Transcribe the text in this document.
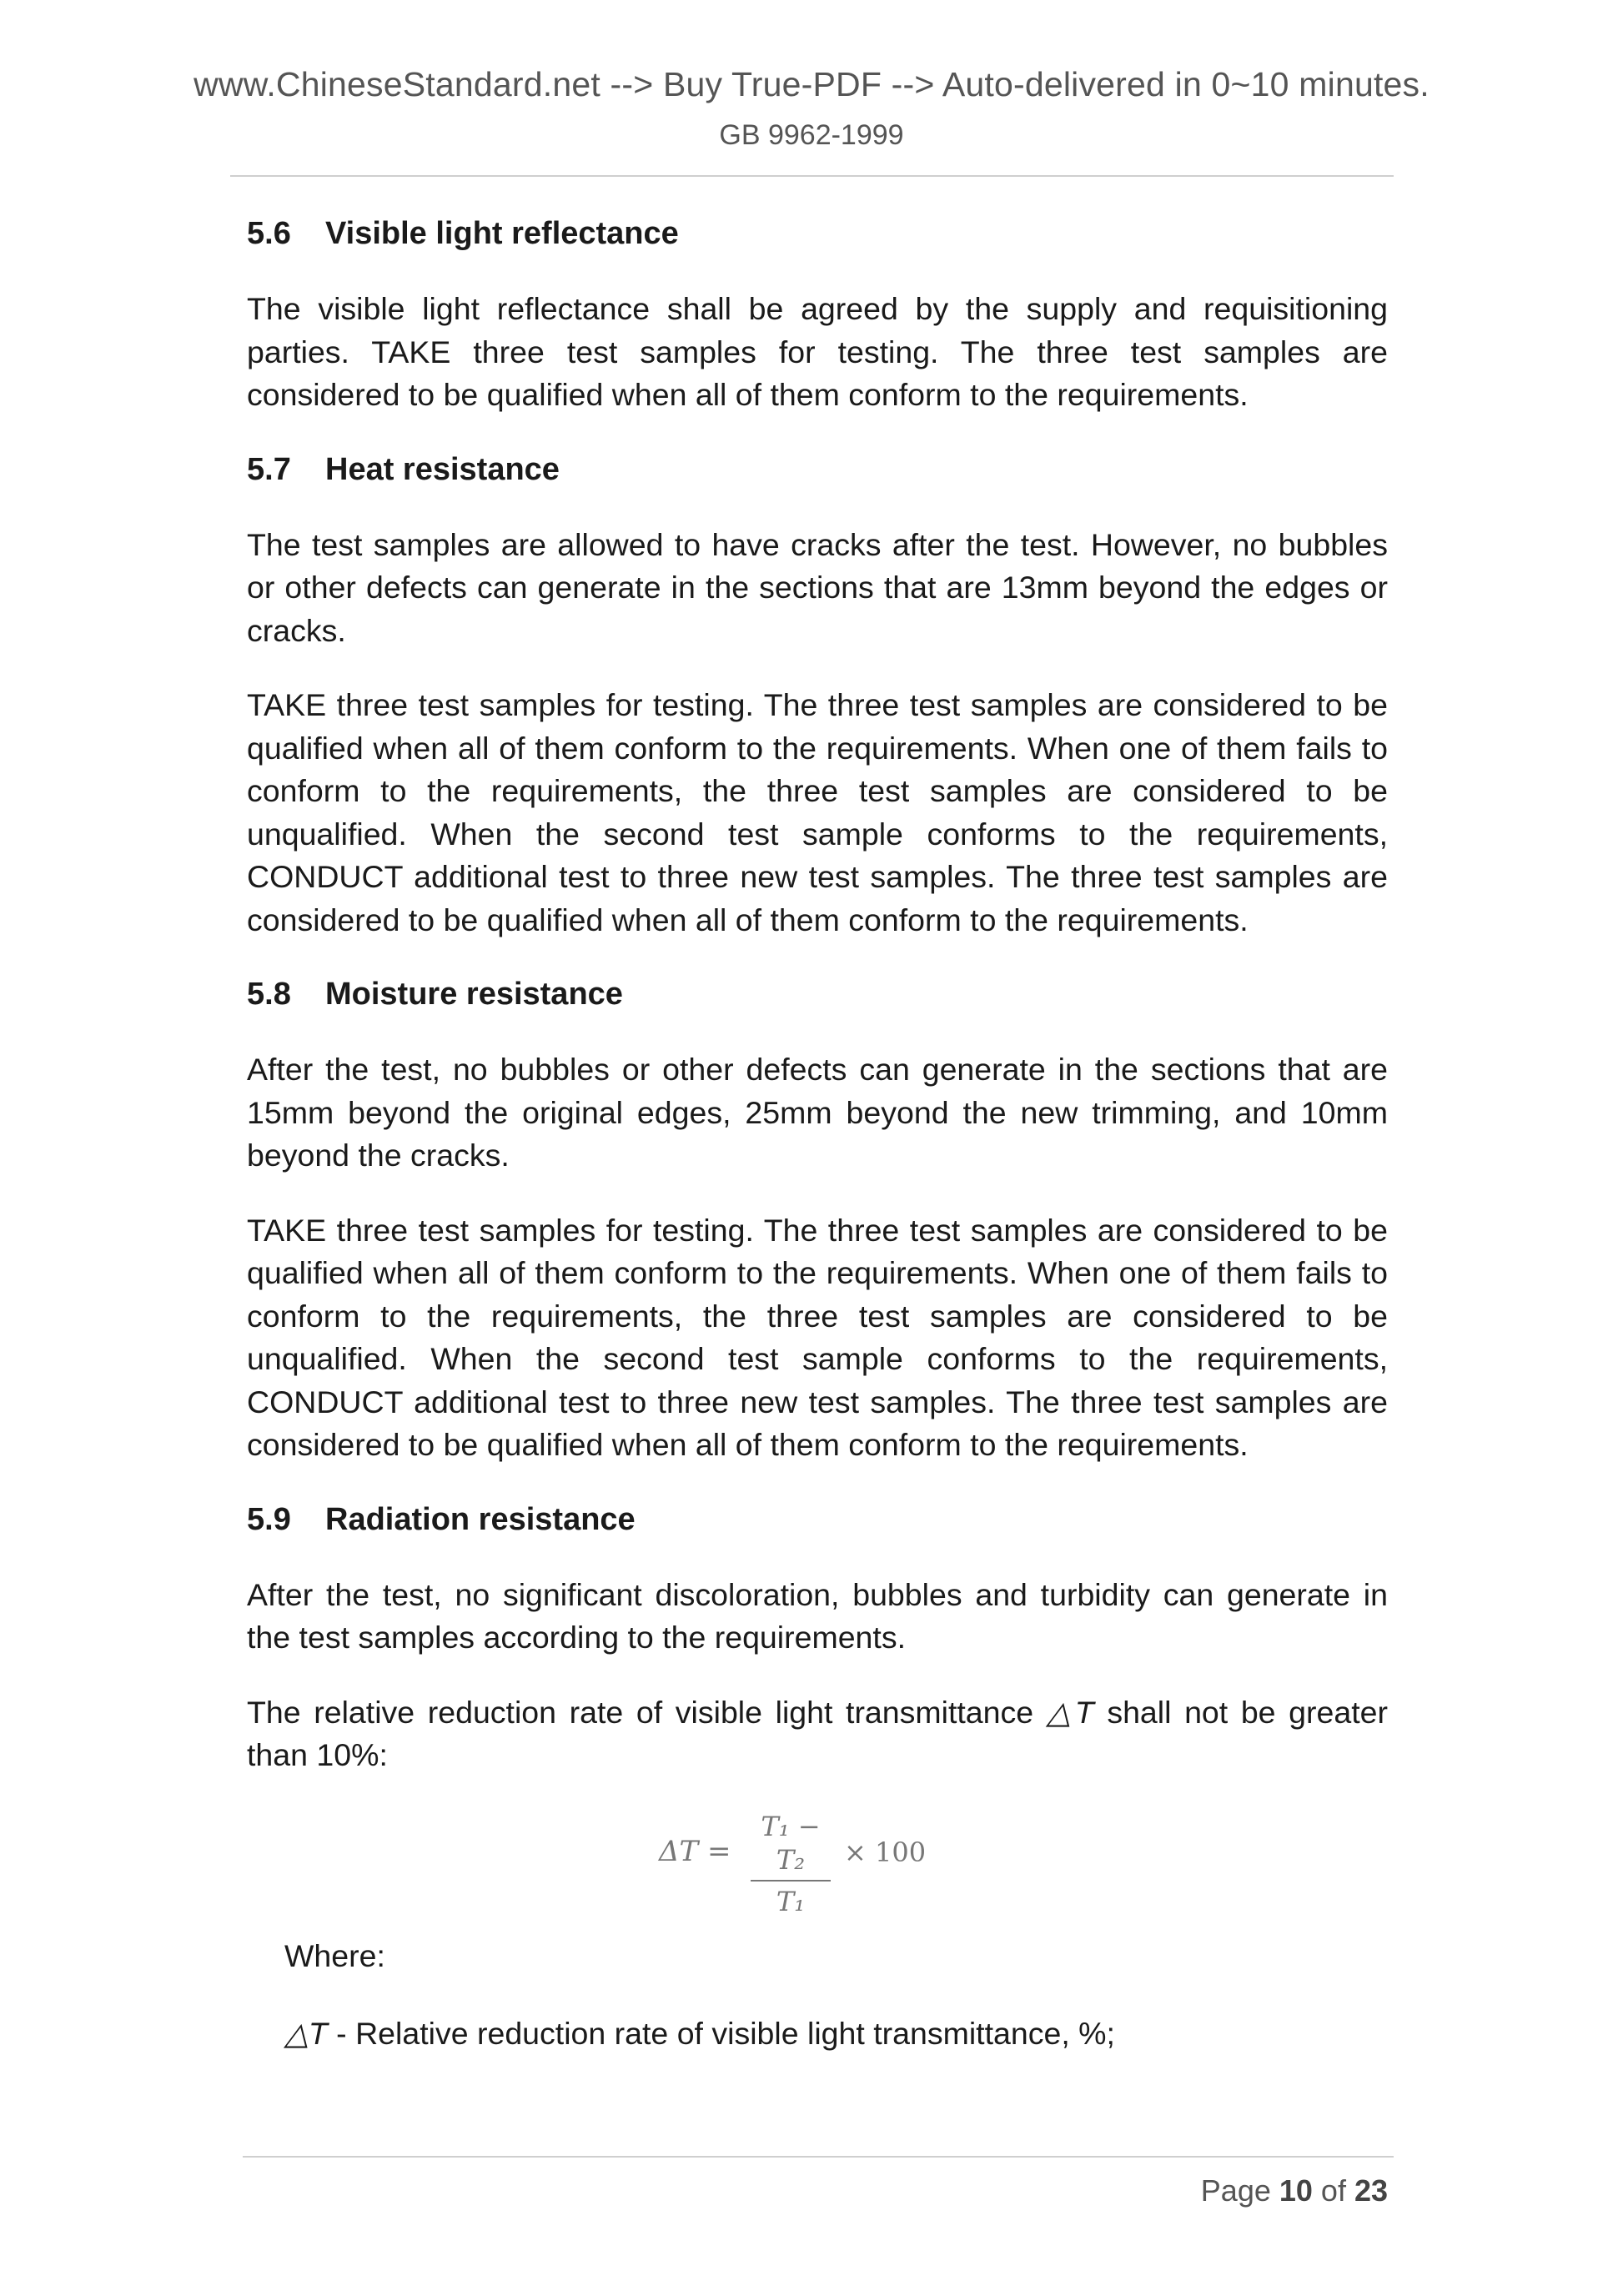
www.ChineseStandard.net --> Buy True-PDF --> Auto-delivered in 0~10 minutes.
GB 9962-1999
5.6 Visible light reflectance

The visible light reflectance shall be agreed by the supply and requisitioning parties. TAKE three test samples for testing. The three test samples are considered to be qualified when all of them conform to the requirements.

5.7 Heat resistance

The test samples are allowed to have cracks after the test. However, no bubbles or other defects can generate in the sections that are 13mm beyond the edges or cracks.

TAKE three test samples for testing. The three test samples are considered to be qualified when all of them conform to the requirements. When one of them fails to conform to the requirements, the three test samples are considered to be unqualified. When the second test sample conforms to the requirements, CONDUCT additional test to three new test samples. The three test samples are considered to be qualified when all of them conform to the requirements.

5.8 Moisture resistance

After the test, no bubbles or other defects can generate in the sections that are 15mm beyond the original edges, 25mm beyond the new trimming, and 10mm beyond the cracks.

TAKE three test samples for testing. The three test samples are considered to be qualified when all of them conform to the requirements. When one of them fails to conform to the requirements, the three test samples are considered to be unqualified. When the second test sample conforms to the requirements, CONDUCT additional test to three new test samples. The three test samples are considered to be qualified when all of them conform to the requirements.

5.9 Radiation resistance

After the test, no significant discoloration, bubbles and turbidity can generate in the test samples according to the requirements.

The relative reduction rate of visible light transmittance △T shall not be greater than 10%:

ΔT =
T₁ − T₂
T₁
× 100
Where:
△T - Relative reduction rate of visible light transmittance, %;
Page 10 of 23
